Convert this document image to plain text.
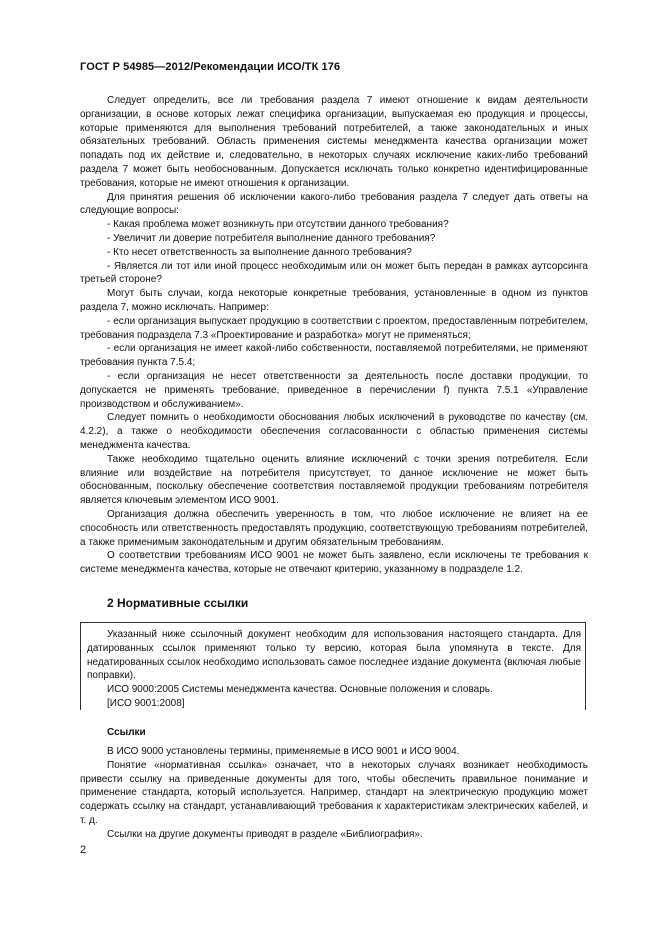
ГОСТ Р 54985—2012/Рекомендации ИСО/ТК 176

Следует определить, все ли требования раздела 7 имеют отношение к видам деятельности организации, в основе которых лежат специфика организации, выпускаемая ею продукция и процессы, которые применяются для выполнения требований потребителей, а также законодательных и иных обязательных требований. Область применения системы менеджмента качества организации может попадать под их действие и, следовательно, в некоторых случаях исключение каких-либо требований раздела 7 может быть необоснованным. Допускается исключать только конкретно идентифицированные требования, которые не имеют отношения к организации.

Для принятия решения об исключении какого-либо требования раздела 7 следует дать ответы на следующие вопросы:

- Какая проблема может возникнуть при отсутствии данного требования?

- Увеличит ли доверие потребителя выполнение данного требования?

- Кто несет ответственность за выполнение данного требования?

- Является ли тот или иной процесс необходимым или он может быть передан в рамках аутсорсинга третьей стороне?

Могут быть случаи, когда некоторые конкретные требования, установленные в одном из пунктов раздела 7, можно исключать. Например:

- если организация выпускает продукцию в соответствии с проектом, предоставленным потребителем, требования подраздела 7.3 «Проектирование и разработка» могут не применяться;

- если организация не имеет какой-либо собственности, поставляемой потребителями, не применяют требования пункта 7.5.4;

- если организация не несет ответственности за деятельность после доставки продукции, то допускается не применять требование, приведенное в перечислении f) пункта 7.5.1 «Управление производством и обслуживанием».

Следует помнить о необходимости обоснования любых исключений в руководстве по качеству (см. 4.2.2), а также о необходимости обеспечения согласованности с областью применения системы менеджмента качества.

Также необходимо тщательно оценить влияние исключений с точки зрения потребителя. Если влияние или воздействие на потребителя присутствует, то данное исключение не может быть обоснованным, поскольку обеспечение соответствия поставляемой продукции требованиям потребителя является ключевым элементом ИСО 9001.

Организация должна обеспечить уверенность в том, что любое исключение не влияет на ее способность или ответственность предоставлять продукцию, соответствующую требованиям потребителей, а также применимым законодательным и другим обязательным требованиям.

О соответствии требованиям ИСО 9001 не может быть заявлено, если исключены те требования к системе менеджмента качества, которые не отвечают критерию, указанному в подразделе 1.2.

2 Нормативные ссылки

Указанный ниже ссылочный документ необходим для использования настоящего стандарта. Для датированных ссылок применяют только ту версию, которая была упомянута в тексте. Для недатированных ссылок необходимо использовать самое последнее издание документа (включая любые поправки).

ИСО 9000:2005 Системы менеджмента качества. Основные положения и словарь.

[ИСО 9001:2008]

Ссылки

В ИСО 9000 установлены термины, применяемые в ИСО 9001 и ИСО 9004.

Понятие «нормативная ссылка» означает, что в некоторых случаях возникает необходимость привести ссылку на приведенные документы для того, чтобы обеспечить правильное понимание и применение стандарта, который используется. Например, стандарт на электрическую продукцию может содержать ссылку на стандарт, устанавливающий требования к характеристикам электрических кабелей, и т. д.

Ссылки на другие документы приводят в разделе «Библиография».

2
